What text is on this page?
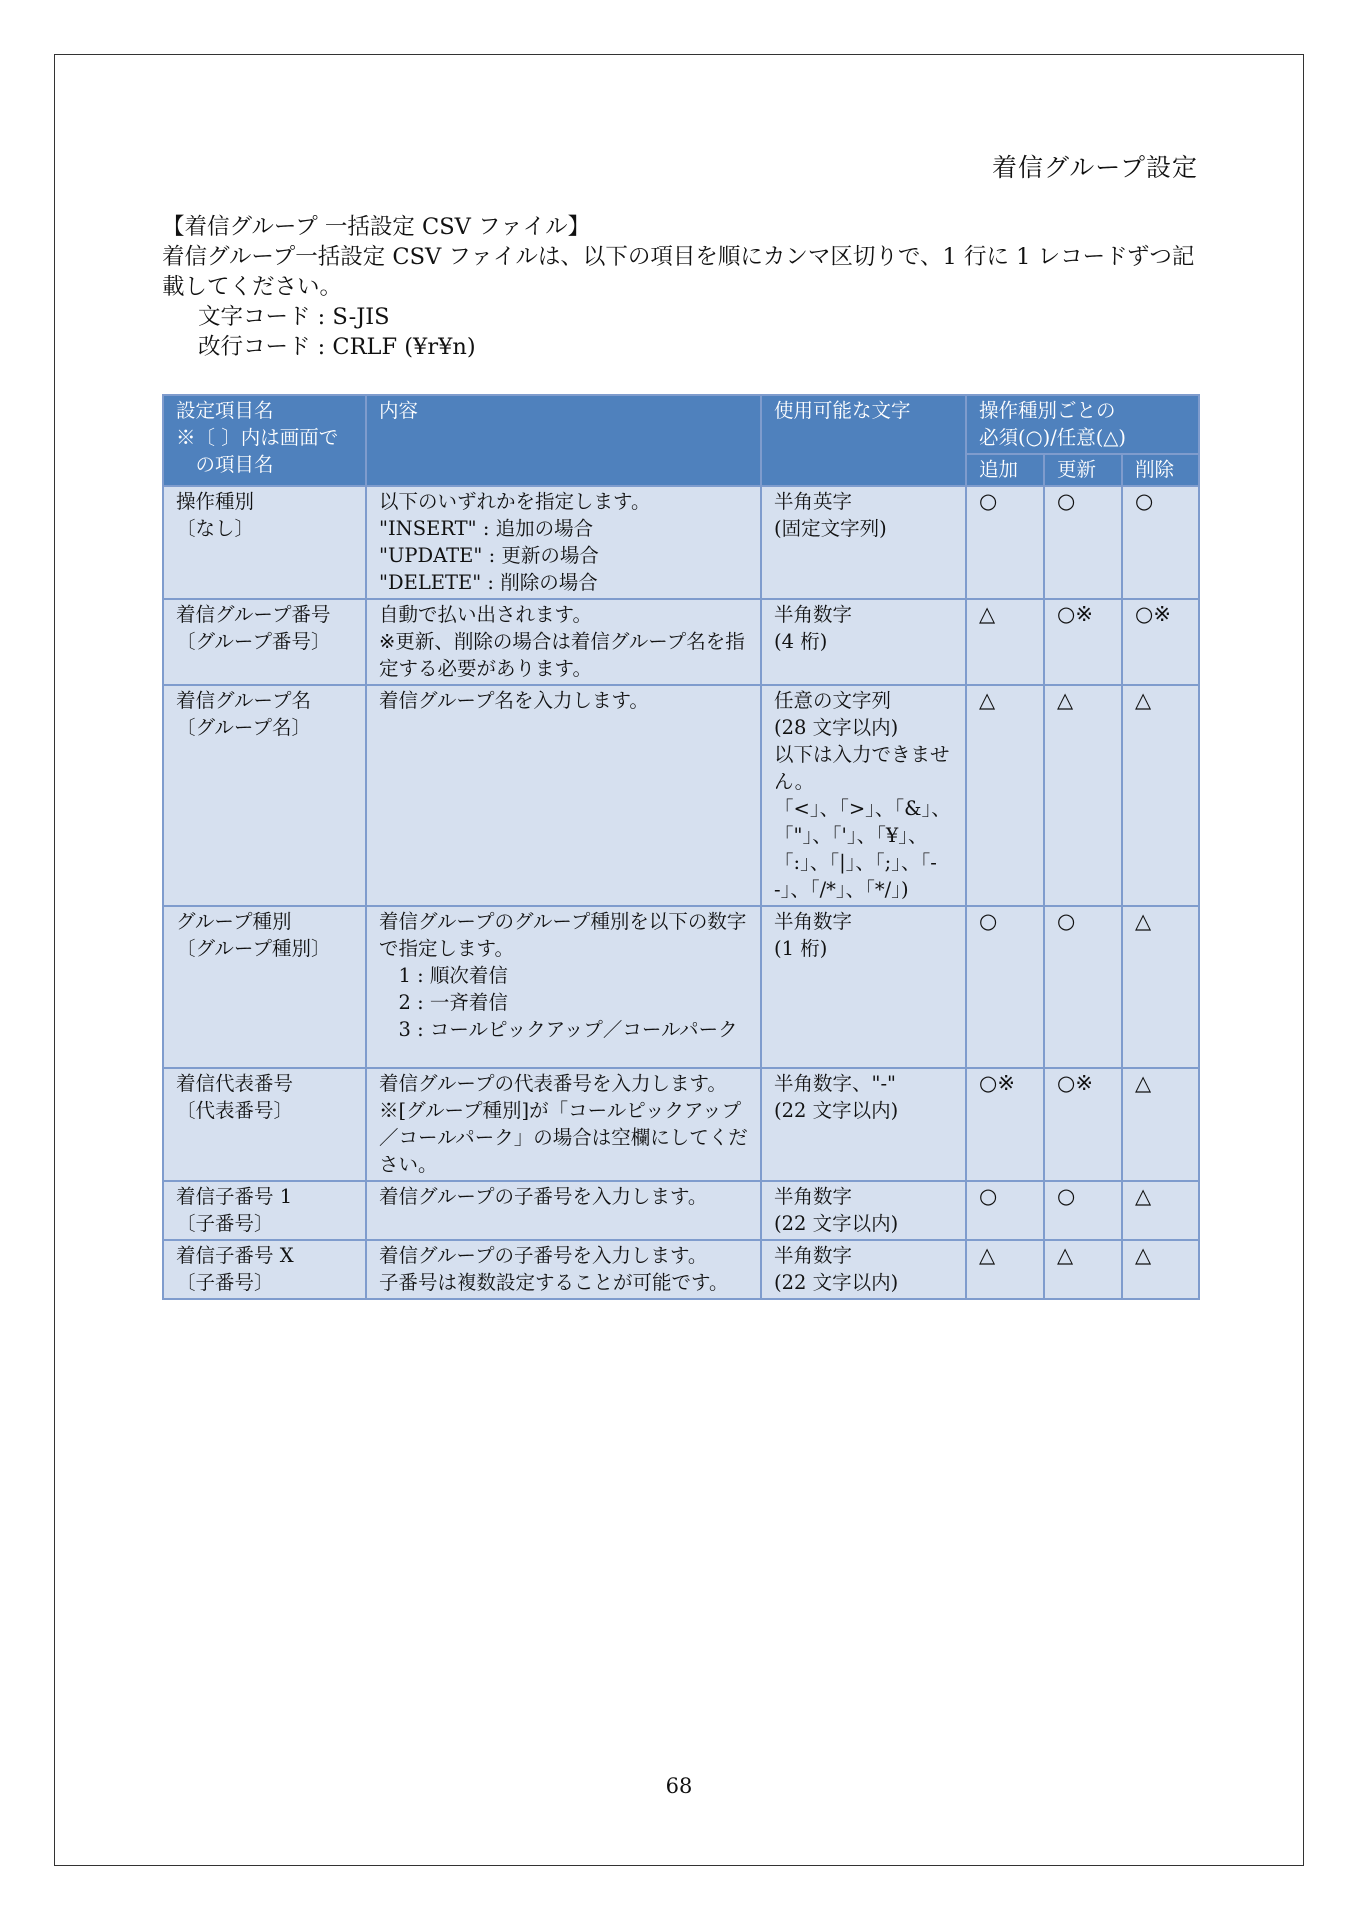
着信グループ設定

【着信グループ 一括設定 CSV ファイル】

着信グループ一括設定 CSV ファイルは、以下の項目を順にカンマ区切りで、1 行に 1 レコードずつ記載してください。

文字コード : S-JIS

改行コード : CRLF (¥r¥n)

設定項目名
※〔 〕内は画面で
　の項目名	内容	使用可能な文字	操作種別ごとの
必須(○)/任意(△)		
			追加	更新	削除
操作種別
〔なし〕	以下のいずれかを指定します。
"INSERT" : 追加の場合
"UPDATE" : 更新の場合
"DELETE" : 削除の場合	半角英字
(固定文字列)	○	○	○
着信グループ番号
〔グループ番号〕	自動で払い出されます。
※更新、削除の場合は着信グループ名を指定する必要があります。	半角数字
(4 桁)	△	○※	○※
着信グループ名
〔グループ名〕	着信グループ名を入力します。	任意の文字列
(28 文字以内)
以下は入力できません。
「<」、「>」、「&」、「"」、「'」、「¥」、「:」、「|」、「;」、「--」、「/*」、「*/」)	△	△	△
グループ種別
〔グループ種別〕	着信グループのグループ種別を以下の数字で指定します。
　1 : 順次着信
　2 : 一斉着信
　3 : コールピックアップ／コールパーク	半角数字
(1 桁)	○	○	△
着信代表番号
〔代表番号〕	着信グループの代表番号を入力します。
※[グループ種別]が「コールピックアップ／コールパーク」の場合は空欄にしてください。	半角数字、"-"
(22 文字以内)	○※	○※	△
着信子番号 1
〔子番号〕	着信グループの子番号を入力します。	半角数字
(22 文字以内)	○	○	△
着信子番号 X
〔子番号〕	着信グループの子番号を入力します。
子番号は複数設定することが可能です。	半角数字
(22 文字以内)	△	△	△
68
